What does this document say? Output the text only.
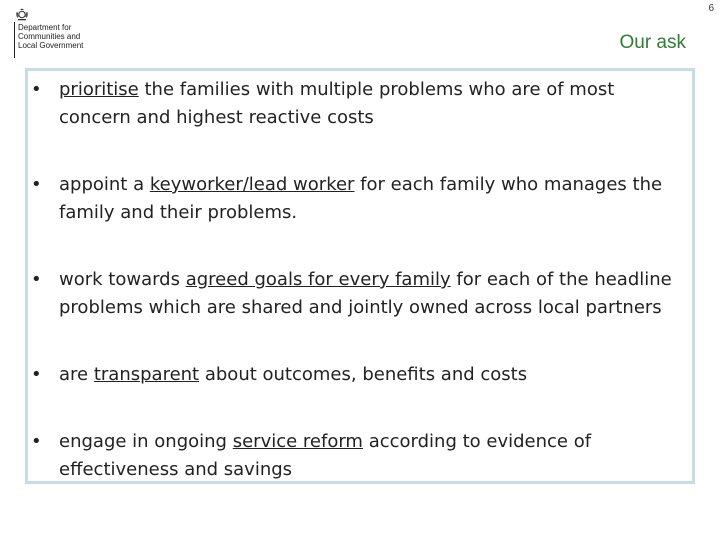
6
Department for
Communities and
Local Government	Our ask
• prioritise the families with multiple problems who are of most concern and highest reactive costs
• appoint a keyworker/lead worker for each family who manages the family and their problems.
• work towards agreed goals for every family for each of the headline problems which are shared and jointly owned across local partners
• are transparent about outcomes, benefits and costs
• engage in ongoing service reform according to evidence of effectiveness and savings
